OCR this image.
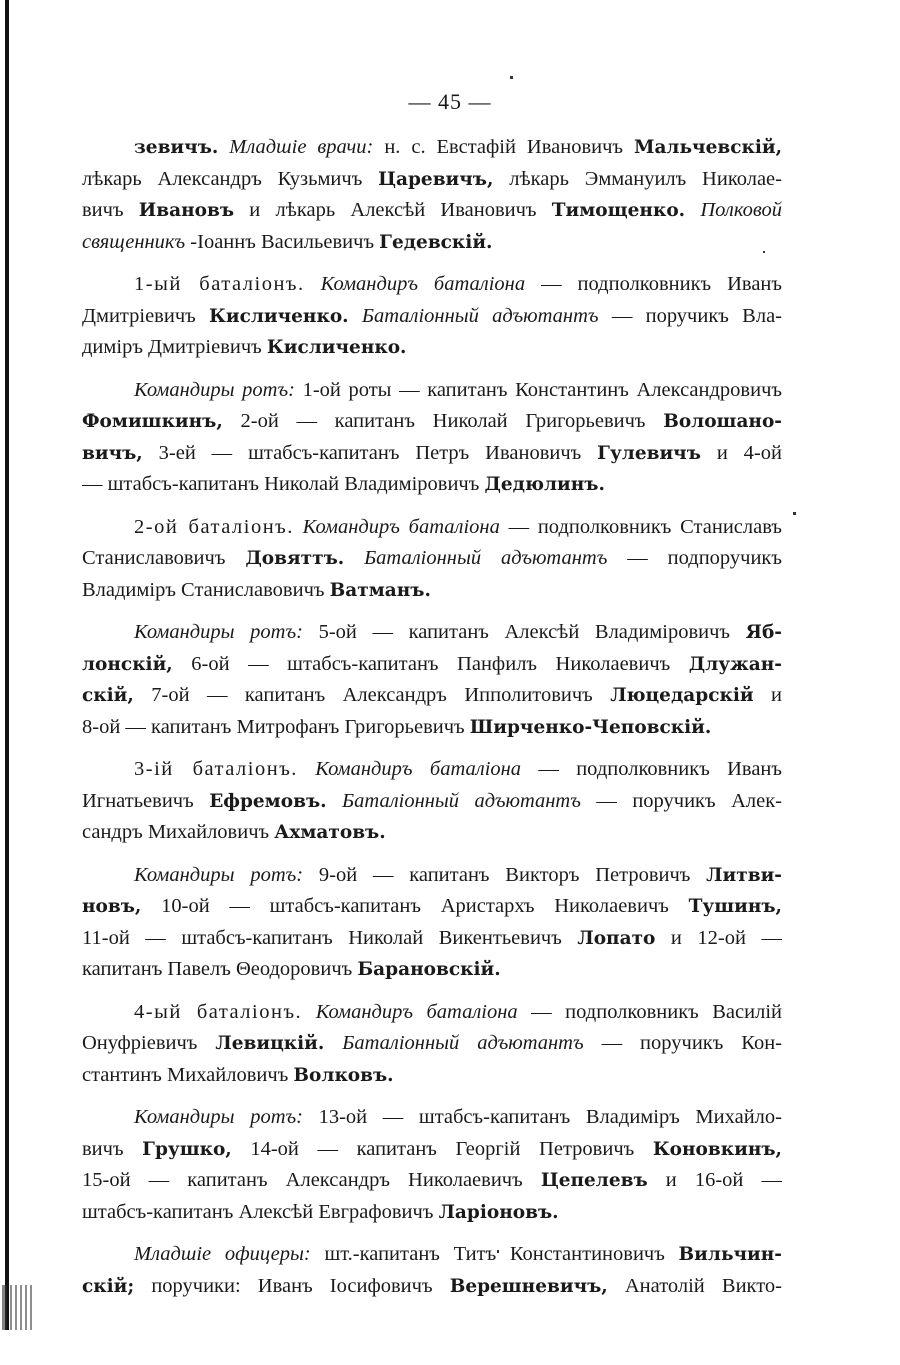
— 45 —
зевичъ. Младшіе врачи: н. с. Евстафій Ивановичъ Мальчевскій,
лѣкарь Александръ Кузьмичъ Царевичъ, лѣкарь Эммануилъ Николае-
вичъ Ивановъ и лѣкарь Алексѣй Ивановичъ Тимощенко. Полковой
священникъ -Іоаннъ Васильевичъ Гедевскій.
1-ый баталіонъ. Командиръ баталіона — подполковникъ Иванъ
Дмитріевичъ Кисличенко. Баталіонный адъютантъ — поручикъ Вла-
диміръ Дмитріевичъ Кисличенко.
Командиры ротъ: 1-ой роты — капитанъ Константинъ Александровичъ
Фомишкинъ, 2-ой — капитанъ Николай Григорьевичъ Волошано-
вичъ, 3-ей — штабсъ-капитанъ Петръ Ивановичъ Гулевичъ и 4-ой
— штабсъ-капитанъ Николай Владиміровичъ Дедюлинъ.
2-ой баталіонъ. Командиръ баталіона — подполковникъ Станиславъ
Станиславовичъ Довяттъ. Баталіонный адъютантъ — подпоручикъ
Владиміръ Станиславовичъ Ватманъ.
Командиры ротъ: 5-ой — капитанъ Алексѣй Владиміровичъ Яб-
лонскій, 6-ой — штабсъ-капитанъ Панфилъ Николаевичъ Длужан-
скій, 7-ой — капитанъ Александръ Ипполитовичъ Люцедарскій и
8-ой — капитанъ Митрофанъ Григорьевичъ Ширченко-Чеповскій.
3-ій баталіонъ. Командиръ баталіона — подполковникъ Иванъ
Игнатьевичъ Ефремовъ. Баталіонный адъютантъ — поручикъ Алек-
сандръ Михайловичъ Ахматовъ.
Командиры ротъ: 9-ой — капитанъ Викторъ Петровичъ Литви-
новъ, 10-ой — штабсъ-капитанъ Аристархъ Николаевичъ Тушинъ,
11-ой — штабсъ-капитанъ Николай Викентьевичъ Лопато и 12-ой —
капитанъ Павелъ Θеодоровичъ Барановскій.
4-ый баталіонъ. Командиръ баталіона — подполковникъ Василій
Онуфріевичъ Левицкій. Баталіонный адъютантъ — поручикъ Кон-
стантинъ Михайловичъ Волковъ.
Командиры ротъ: 13-ой — штабсъ-капитанъ Владиміръ Михайло-
вичъ Грушко, 14-ой — капитанъ Георгій Петровичъ Коновкинъ,
15-ой — капитанъ Александръ Николаевичъ Цепелевъ и 16-ой —
штабсъ-капитанъ Алексѣй Евграфовичъ Ларіоновъ.
Младшіе офицеры: шт.-капитанъ Титъ Константиновичъ Вильчин-
скій; поручики: Иванъ Іосифовичъ Верешневичъ, Анатолій Викто-
